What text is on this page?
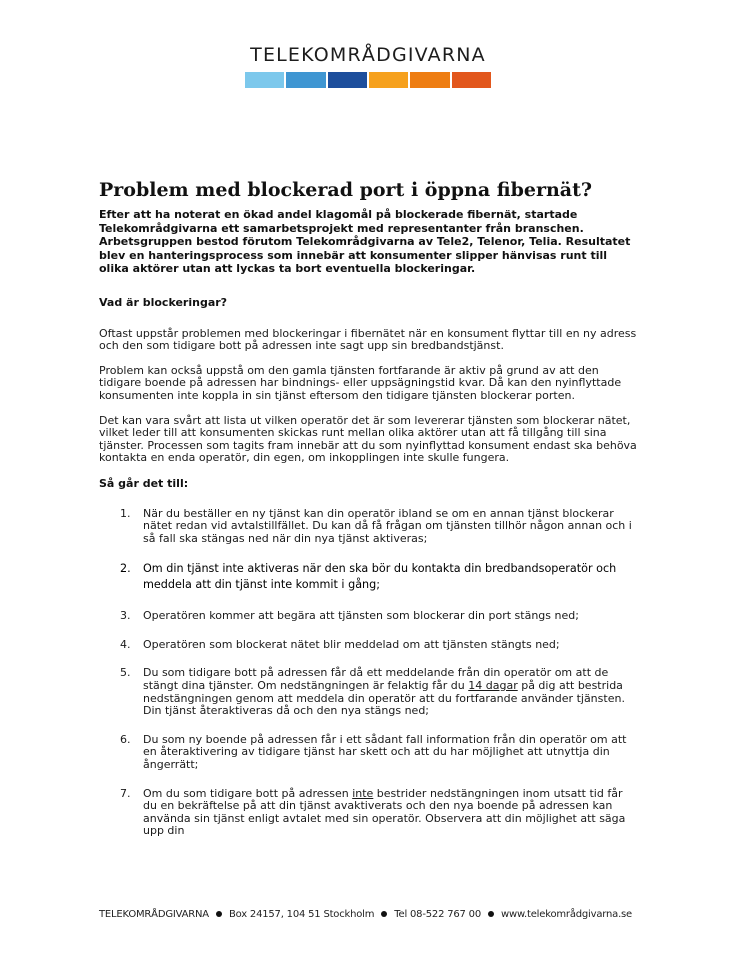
TELEKOMRÅDGIVARNA
Problem med blockerad port i öppna fibernät?

Efter att ha noterat en ökad andel klagomål på blockerade fibernät, startade Telekområdgivarna ett samarbetsprojekt med representanter från branschen. Arbetsgruppen bestod förutom Telekområdgivarna av Tele2, Telenor, Telia. Resultatet blev en hanteringsprocess som innebär att konsumenter slipper hänvisas runt till olika aktörer utan att lyckas ta bort eventuella blockeringar.

Vad är blockeringar?

Oftast uppstår problemen med blockeringar i fibernätet när en konsument flyttar till en ny adress och den som tidigare bott på adressen inte sagt upp sin bredbandstjänst.

Problem kan också uppstå om den gamla tjänsten fortfarande är aktiv på grund av att den tidigare boende på adressen har bindnings- eller uppsägningstid kvar. Då kan den nyinflyttade konsumenten inte koppla in sin tjänst eftersom den tidigare tjänsten blockerar porten.

Det kan vara svårt att lista ut vilken operatör det är som levererar tjänsten som blockerar nätet, vilket leder till att konsumenten skickas runt mellan olika aktörer utan att få tillgång till sina tjänster. Processen som tagits fram innebär att du som nyinflyttad konsument endast ska behöva kontakta en enda operatör, din egen, om inkopplingen inte skulle fungera.

Så går det till:
1.	När du beställer en ny tjänst kan din operatör ibland se om en annan tjänst blockerar nätet redan vid avtalstillfället. Du kan då få frågan om tjänsten tillhör någon annan och i så fall ska stängas ned när din nya tjänst aktiveras;
2. Om din tjänst inte aktiveras när den ska bör du kontakta din bredbandsoperatör och meddela att din tjänst inte kommit i gång;
3.	Operatören kommer att begära att tjänsten som blockerar din port stängs ned;
4.	Operatören som blockerat nätet blir meddelad om att tjänsten stängts ned;
5.	Du som tidigare bott på adressen får då ett meddelande från din operatör om att de stängt dina tjänster. Om nedstängningen är felaktig får du 14 dagar på dig att bestrida nedstängningen genom att meddela din operatör att du fortfarande använder tjänsten. Din tjänst återaktiveras då och den nya stängs ned;
6.	Du som ny boende på adressen får i ett sådant fall information från din operatör om att en återaktivering av tidigare tjänst har skett och att du har möjlighet att utnyttja din ångerrätt;
7.	Om du som tidigare bott på adressen inte bestrider nedstängningen inom utsatt tid får du en bekräftelse på att din tjänst avaktiverats och den nya boende på adressen kan använda sin tjänst enligt avtalet med sin operatör. Observera att din möjlighet att säga upp din
TELEKOMRÅDGIVARNA Box 24157, 104 51 Stockholm Tel 08-522 767 00 www.telekområdgivarna.se
